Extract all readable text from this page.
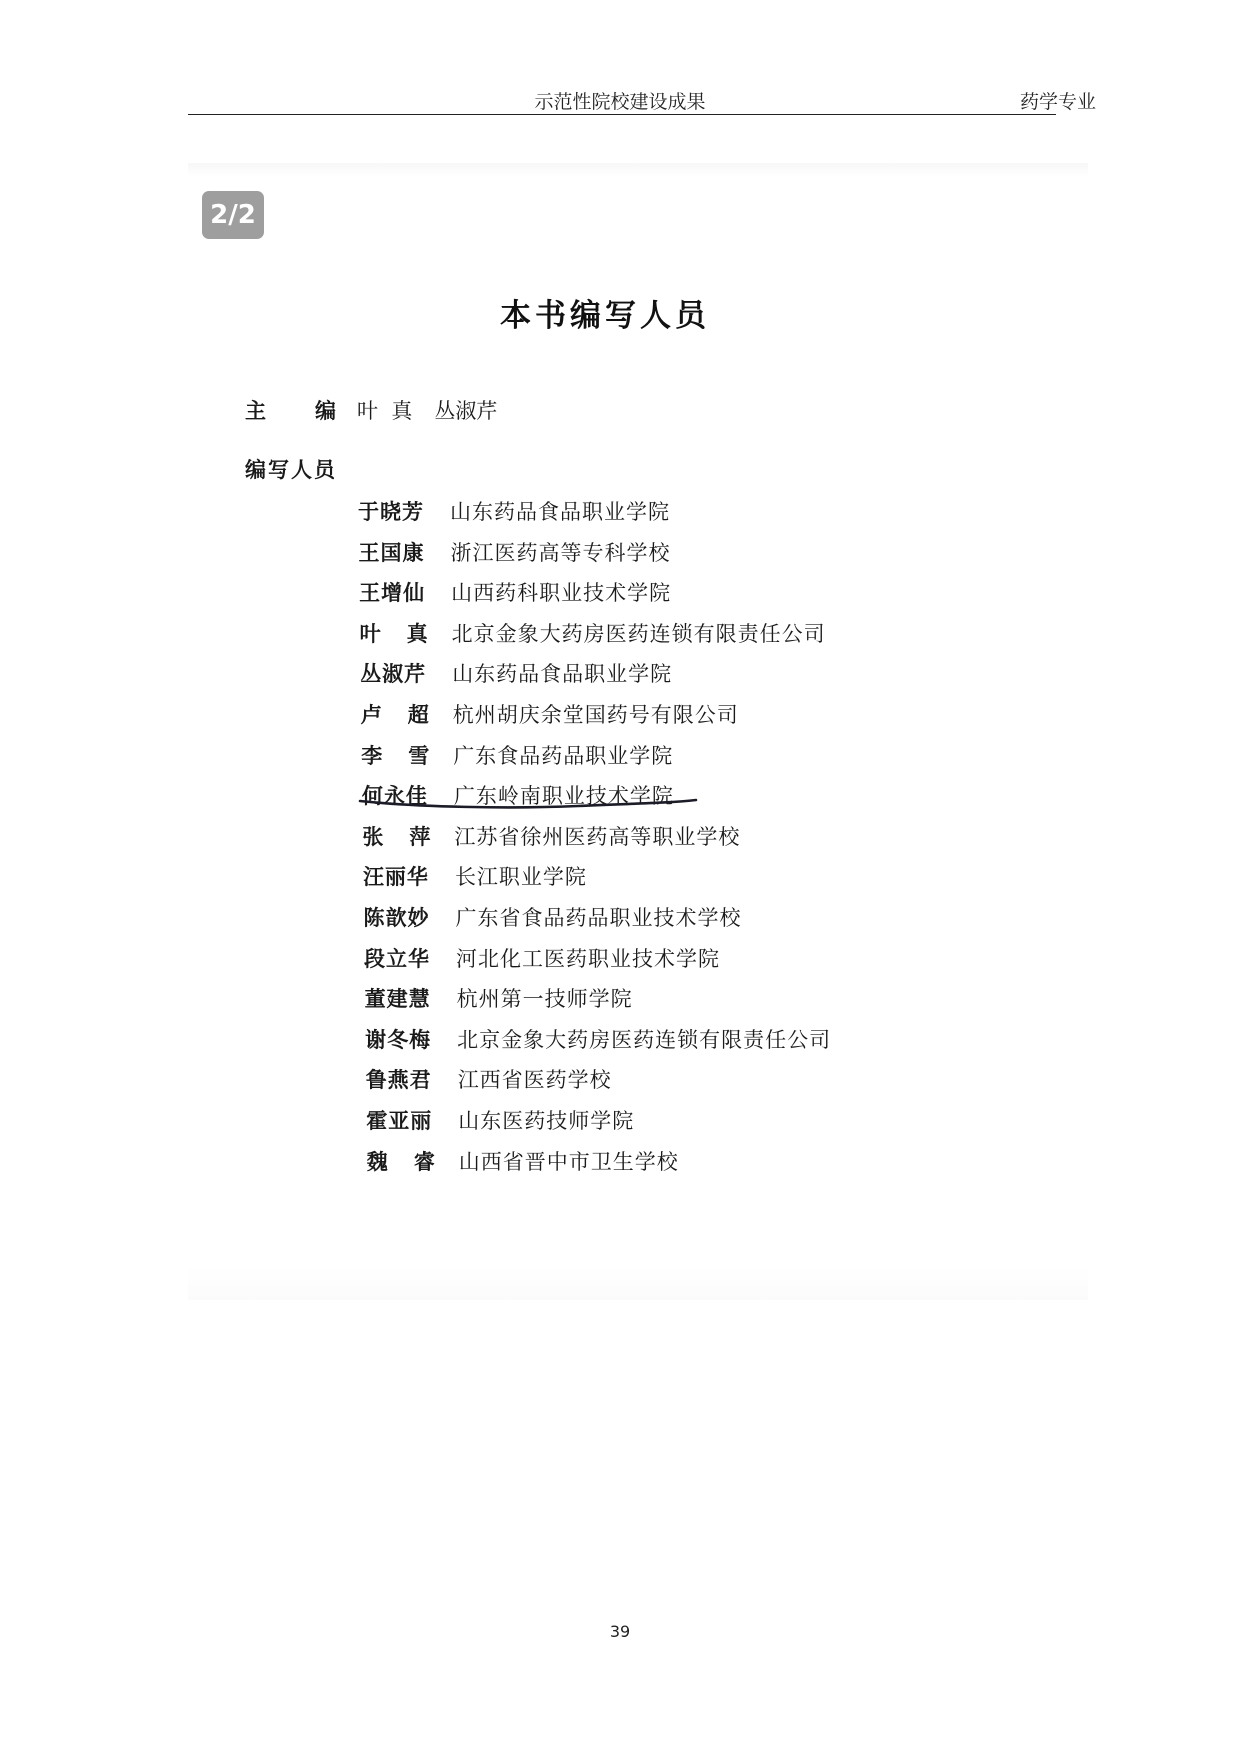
示范性院校建设成果	药学专业
2/2
本书编写人员
主 编 叶  真 丛淑芹
编写人员
于晓芳 山东药品食品职业学院
王国康 浙江医药高等专科学校
王增仙 山西药科职业技术学院
叶 真 北京金象大药房医药连锁有限责任公司
丛淑芹 山东药品食品职业学院
卢 超 杭州胡庆余堂国药号有限公司
李 雪 广东食品药品职业学院
何永佳 广东岭南职业技术学院
张 萍 江苏省徐州医药高等职业学校
汪丽华 长江职业学院
陈歆妙 广东省食品药品职业技术学校
段立华 河北化工医药职业技术学院
董建慧 杭州第一技师学院
谢冬梅 北京金象大药房医药连锁有限责任公司
鲁燕君 江西省医药学校
霍亚丽 山东医药技师学院
魏 睿 山西省晋中市卫生学校
39
